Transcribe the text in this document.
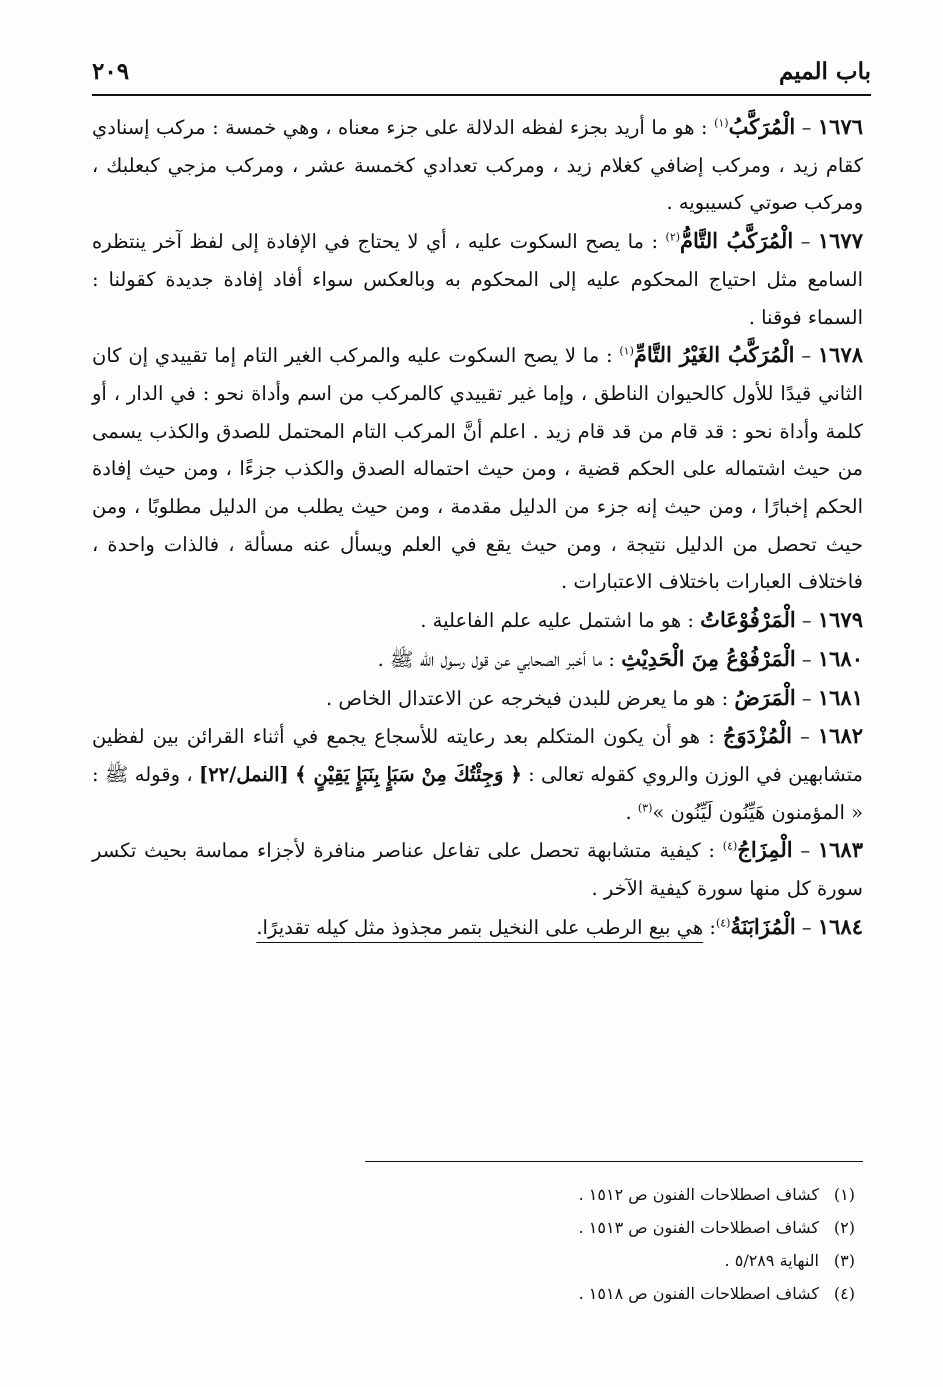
باب الميم
٢٠٩

١٦٧٦ – الْمُرَكَّبُ$^{(١)}$ : هو ما أريد بجزء لفظه الدلالة على جزء معناه ، وهي خمسة : مركب إسنادي كقام زيد ، ومركب إضافي كغلام زيد ، ومركب تعدادي كخمسة عشر ، ومركب مزجي كبعلبك ، ومركب صوتي كسيبويه .

١٦٧٧ – الْمُرَكَّبُ التَّامُّ$^{(٢)}$ : ما يصح السكوت عليه ، أي لا يحتاج في الإفادة إلى لفظ آخر ينتظره السامع مثل احتياج المحكوم عليه إلى المحكوم به وبالعكس سواء أفاد إفادة جديدة كقولنا : السماء فوقنا .

١٦٧٨ – الْمُرَكَّبُ الغَيْرُ التَّامِّ$^{(١)}$ : ما لا يصح السكوت عليه والمركب الغير التام إما تقييدي إن كان الثاني قيدًا للأول كالحيوان الناطق ، وإما غير تقييدي كالمركب من اسم وأداة نحو : في الدار ، أو كلمة وأداة نحو : قد قام من قد قام زيد . اعلم أنَّ المركب التام المحتمل للصدق والكذب يسمى من حيث اشتماله على الحكم قضية ، ومن حيث احتماله الصدق والكذب جزءًا ، ومن حيث إفادة الحكم إخبارًا ، ومن حيث إنه جزء من الدليل مقدمة ، ومن حيث يطلب من الدليل مطلوبًا ، ومن حيث تحصل من الدليل نتيجة ، ومن حيث يقع في العلم ويسأل عنه مسألة ، فالذات واحدة ، فاختلاف العبارات باختلاف الاعتبارات .

١٦٧٩ – الْمَرْفُوْعَاتُ : هو ما اشتمل عليه علم الفاعلية .

١٦٨٠ – الْمَرْفُوْعُ مِنَ الْحَدِيْثِ : ما أخبر الصحابي عن قول رسول الله ﷺ .

١٦٨١ – الْمَرَضُ : هو ما يعرض للبدن فيخرجه عن الاعتدال الخاص .

١٦٨٢ – الْمُزْدَوَجُ : هو أن يكون المتكلم بعد رعايته للأسجاع يجمع في أثناء القرائن بين لفظين متشابهين في الوزن والروي كقوله تعالى : ﴿ وَجِئْتُكَ مِنْ سَبَإٍ بِنَبَإٍ يَقِيْنٍ ﴾ [النمل/٢٢] ، وقوله ﷺ : « المؤمنون هَيِّنُون لَيِّنُون »$^{(٣)}$ .

١٦٨٣ – الْمِزَاجُ$^{(٤)}$ : كيفية متشابهة تحصل على تفاعل عناصر منافرة لأجزاء مماسة بحيث تكسر سورة كل منها سورة كيفية الآخر .

١٦٨٤ – الْمُزَابَنَةُ$^{(٤)}$: هي بيع الرطب على النخيل بتمر مجذوذ مثل كيله تقديرًا.

(١)كشاف اصطلاحات الفنون ص ١٥١٢ .

(٢)كشاف اصطلاحات الفنون ص ١٥١٣ .

(٣)النهاية ٥/٢٨٩ .

(٤)كشاف اصطلاحات الفنون ص ١٥١٨ .
